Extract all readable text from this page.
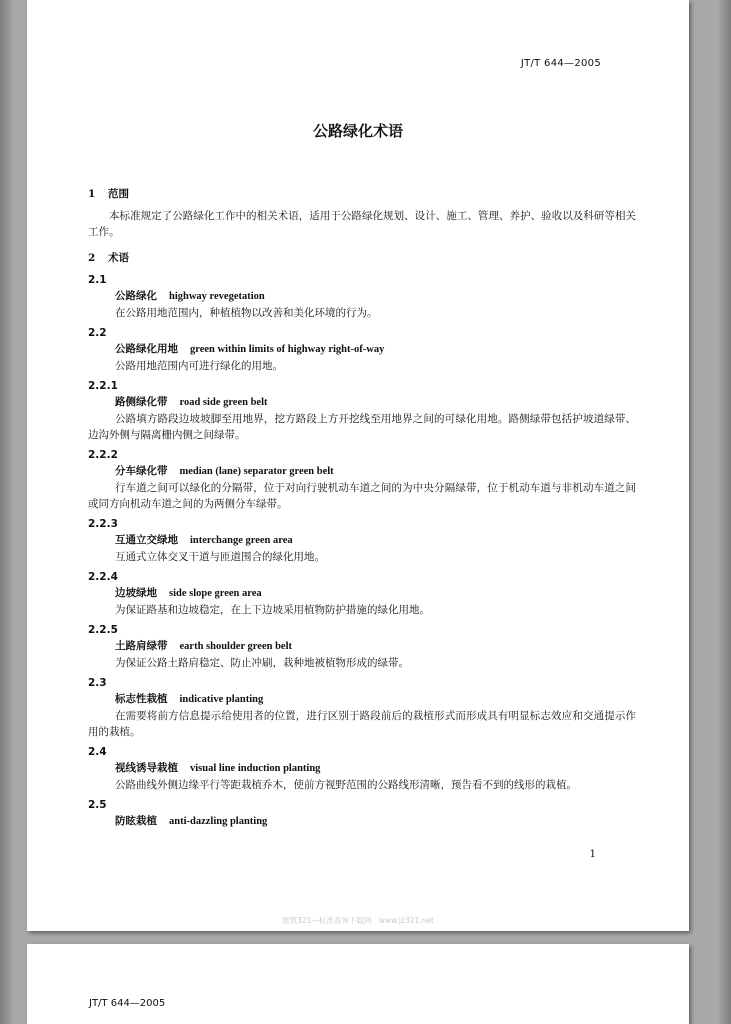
JT/T 644—2005
公路绿化术语
1 范围

本标准规定了公路绿化工作中的相关术语，适用于公路绿化规划、设计、施工、管理、养护、验收以及科研等相关工作。

2 术语
2.1
公路绿化 highway revegetation

在公路用地范围内，种植植物以改善和美化环境的行为。

2.2
公路绿化用地 green within limits of highway right-of-way

公路用地范围内可进行绿化的用地。

2.2.1
路侧绿化带 road side green belt

公路填方路段边坡坡脚至用地界，挖方路段上方开挖线至用地界之间的可绿化用地。路侧绿带包括护坡道绿带、边沟外侧与隔离栅内侧之间绿带。

2.2.2
分车绿化带 median (lane) separator green belt

行车道之间可以绿化的分隔带，位于对向行驶机动车道之间的为中央分隔绿带，位于机动车道与非机动车道之间或同方向机动车道之间的为两侧分车绿带。

2.2.3
互通立交绿地 interchange green area

互通式立体交叉干道与匝道围合的绿化用地。

2.2.4
边坡绿地 side slope green area

为保证路基和边坡稳定，在上下边坡采用植物防护措施的绿化用地。

2.2.5
土路肩绿带 earth shoulder green belt

为保证公路土路肩稳定、防止冲刷，栽种地被植物形成的绿带。

2.3
标志性栽植 indicative planting

在需要将前方信息提示给使用者的位置，进行区别于路段前后的栽植形式而形成具有明显标志效应和交通提示作用的栽植。

2.4
视线诱导栽植 visual line induction planting

公路曲线外侧边缘平行等距栽植乔木，使前方视野范围的公路线形清晰，预告看不到的线形的栽植。

2.5
防眩栽植 anti-dazzling planting
1
建筑321—标准查询下载网　www.jz321.net
JT/T 644—2005
